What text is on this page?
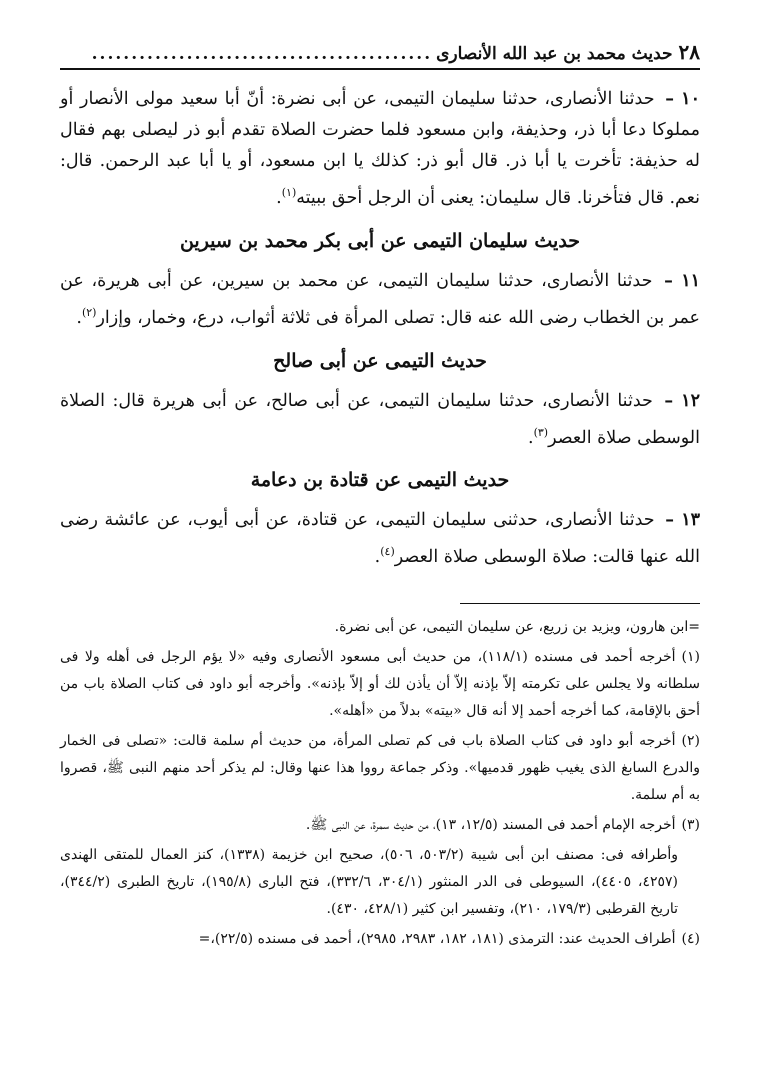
٢٨
حديث محمد بن عبد الله الأنصارى
...........................................

١٠ – حدثنا الأنصارى، حدثنا سليمان التيمى، عن أبى نضرة: أنّ أبا سعيد مولى الأنصار أو مملوكا دعا أبا ذر، وحذيفة، وابن مسعود فلما حضرت الصلاة تقدم أبو ذر ليصلى بهم فقال له حذيفة: تأخرت يا أبا ذر. قال أبو ذر: كذلك يا ابن مسعود، أو يا أبا عبد الرحمن. قال: نعم. قال فتأخرنا. قال سليمان: يعنى أن الرجل أحق ببيته$^{(١)}$.

حديث سليمان التيمى عن أبى بكر محمد بن سيرين

١١ – حدثنا الأنصارى، حدثنا سليمان التيمى، عن محمد بن سيرين، عن أبى هريرة، عن عمر بن الخطاب رضى الله عنه قال: تصلى المرأة فى ثلاثة أثواب، درع، وخمار، وإزار$^{(٢)}$.

حديث التيمى عن أبى صالح

١٢ – حدثنا الأنصارى، حدثنا سليمان التيمى، عن أبى صالح، عن أبى هريرة قال: الصلاة الوسطى صلاة العصر$^{(٣)}$.

حديث التيمى عن قتادة بن دعامة

١٣ – حدثنا الأنصارى، حدثنى سليمان التيمى، عن قتادة، عن أبى أيوب، عن عائشة رضى الله عنها قالت: صلاة الوسطى صلاة العصر$^{(٤)}$.

=ابن هارون، ويزيد بن زريع، عن سليمان التيمى، عن أبى نضرة.

(١)أخرجه أحمد فى مسنده (١١٨/١)، من حديث أبى مسعود الأنصارى وفيه «لا يؤم الرجل فى أهله ولا فى سلطانه ولا يجلس على تكرمته إلاّ بإذنه إلاّ أن يأذن لك أو إلاّ بإذنه». وأخرجه أبو داود فى كتاب الصلاة باب من أحق بالإقامة، كما أخرجه أحمد إلا أنه قال «بيته» بدلاً من «أهله».

(٢)أخرجه أبو داود فى كتاب الصلاة باب فى كم تصلى المرأة، من حديث أم سلمة قالت: «تصلى فى الخمار والدرع السابغ الذى يغيب ظهور قدميها». وذكر جماعة رووا هذا عنها وقال: لم يذكر أحد منهم النبى ﷺ، قصروا به أم سلمة.

(٣)أخرجه الإمام أحمد فى المسند (١٢/٥، ١٣)، من حديث سمرة، عن النبى ﷺ.

وأطرافه فى: مصنف ابن أبى شيبة (٥٠٣/٢، ٥٠٦)، صحيح ابن خزيمة (١٣٣٨)، كنز العمال للمتقى الهندى (٤٢٥٧، ٤٤٠٥)، السيوطى فى الدر المنثور (٣٠٤/١، ٣٣٢/٦)، فتح البارى (١٩٥/٨)، تاريخ الطبرى (٣٤٤/٢)، تاريخ القرطبى (١٧٩/٣، ٢١٠)، وتفسير ابن كثير (٤٢٨/١، ٤٣٠).

(٤)أطراف الحديث عند: الترمذى (١٨١، ١٨٢، ٢٩٨٣، ٢٩٨٥)، أحمد فى مسنده (٢٢/٥)،=
